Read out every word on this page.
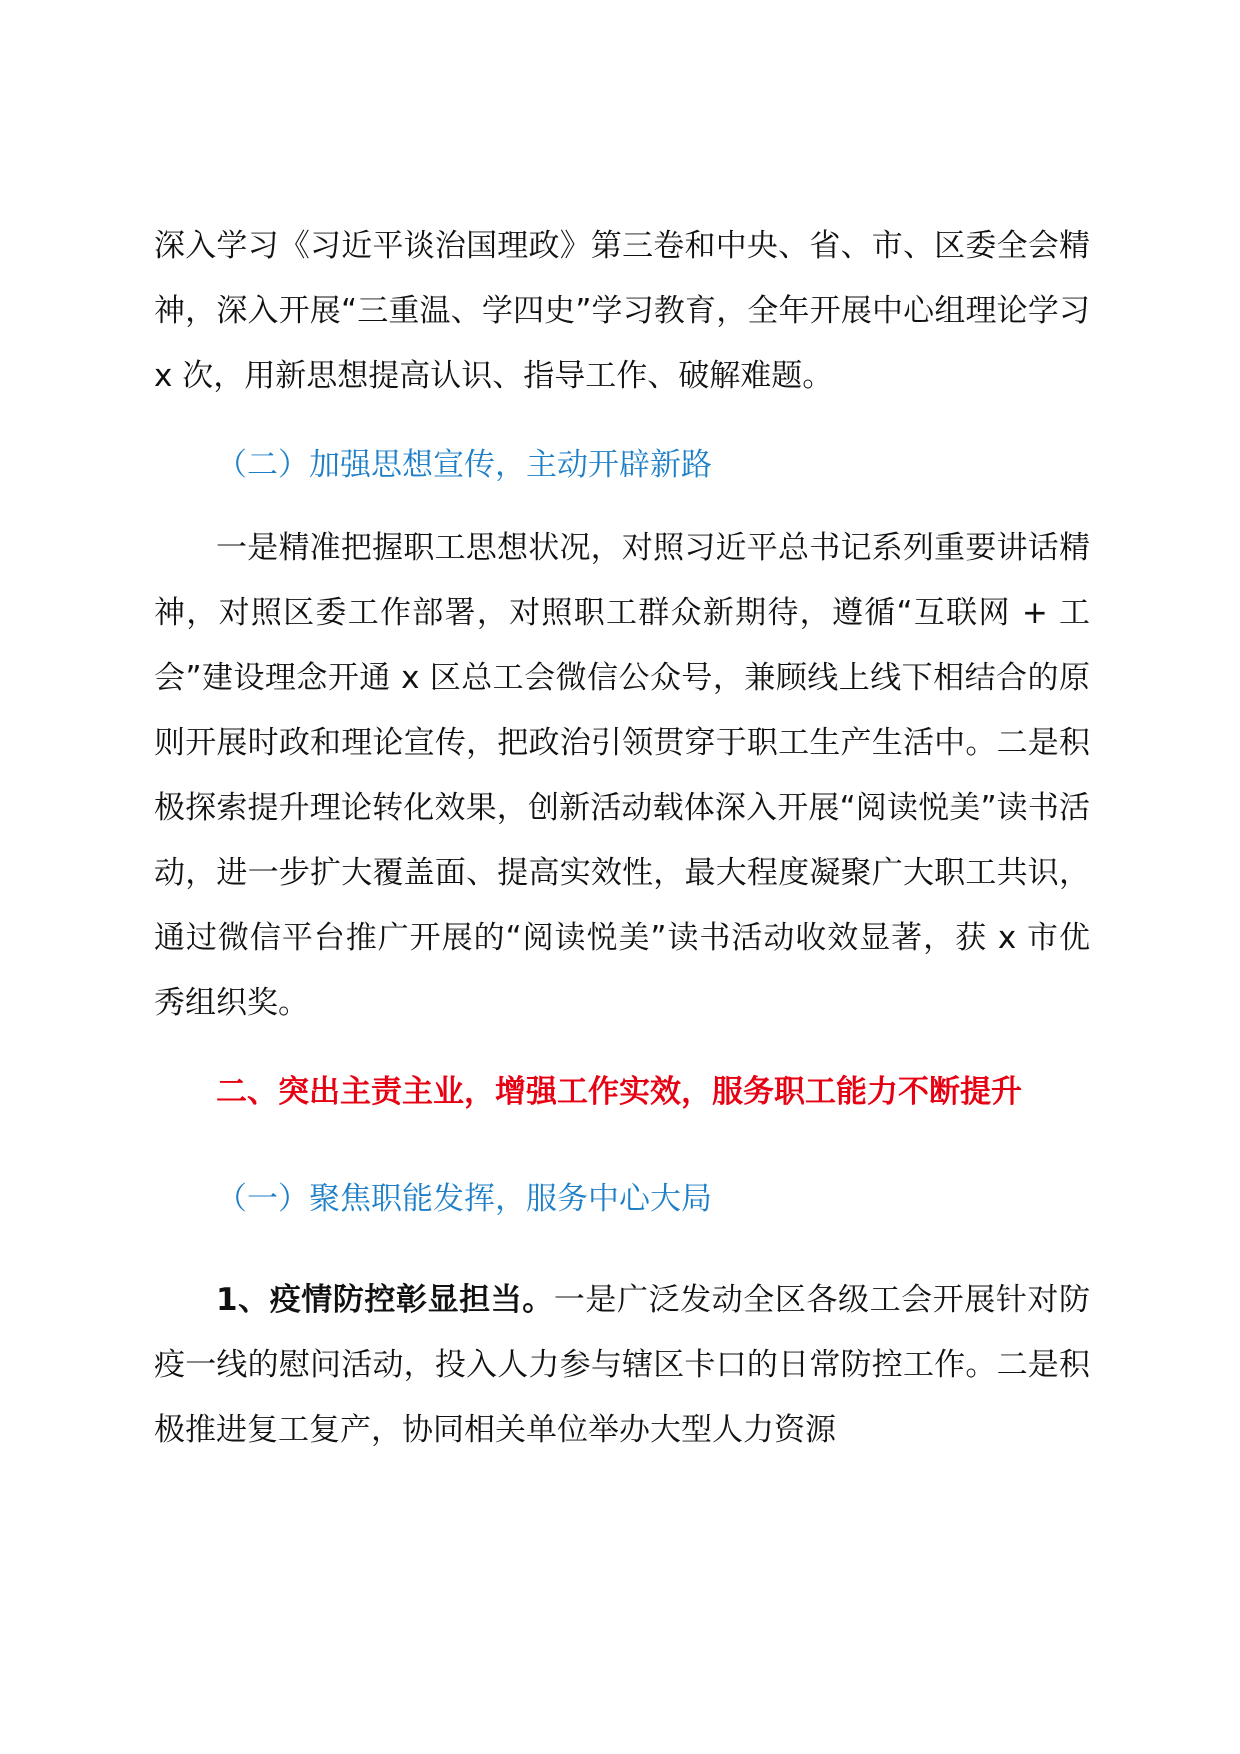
深入学习《习近平谈治国理政》第三卷和中央、省、市、区委全会精神，深入开展“三重温、学四史”学习教育，全年开展中心组理论学习 x 次，用新思想提高认识、指导工作、破解难题。

（二）加强思想宣传，主动开辟新路

一是精准把握职工思想状况，对照习近平总书记系列重要讲话精神，对照区委工作部署，对照职工群众新期待，遵循“互联网 + 工会”建设理念开通 x 区总工会微信公众号，兼顾线上线下相结合的原则开展时政和理论宣传，把政治引领贯穿于职工生产生活中。二是积极探索提升理论转化效果，创新活动载体深入开展“阅读悦美”读书活动，进一步扩大覆盖面、提高实效性，最大程度凝聚广大职工共识，通过微信平台推广开展的“阅读悦美”读书活动收效显著，获 x 市优秀组织奖。

二、突出主责主业，增强工作实效，服务职工能力不断提升

（一）聚焦职能发挥，服务中心大局

1、疫情防控彰显担当。一是广泛发动全区各级工会开展针对防疫一线的慰问活动，投入人力参与辖区卡口的日常防控工作。二是积极推进复工复产，协同相关单位举办大型人力资源
